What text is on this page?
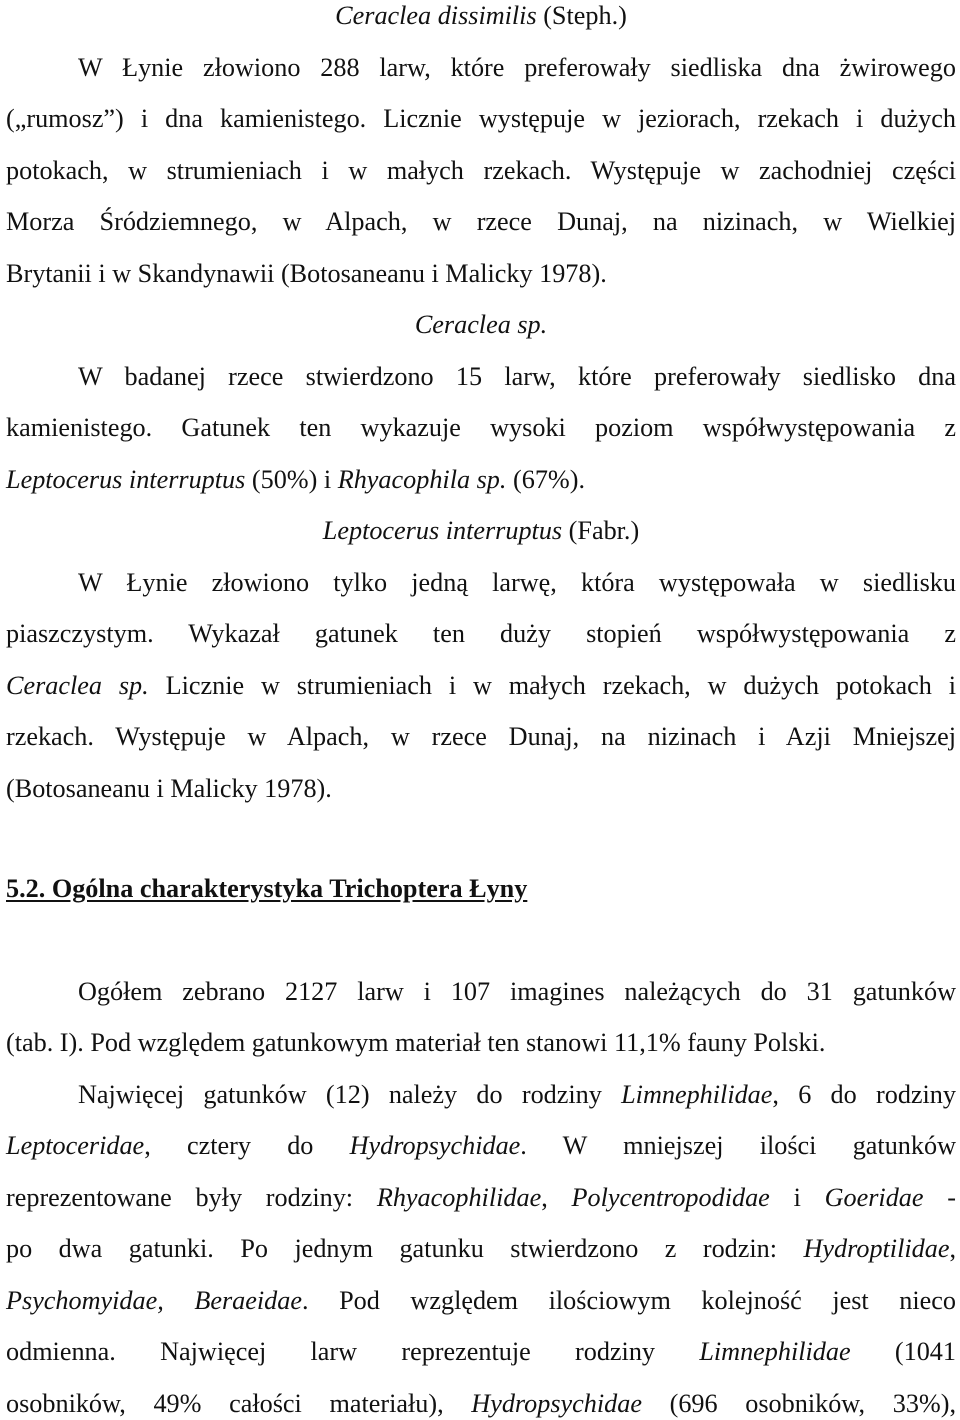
Ceraclea dissimilis (Steph.)
W Łynie złowiono 288 larw, które preferowały siedliska dna żwirowego
(„rumosz”) i dna kamienistego. Licznie występuje w jeziorach, rzekach i dużych
potokach, w strumieniach i w małych rzekach. Występuje w zachodniej części
Morza Śródziemnego, w Alpach, w rzece Dunaj, na nizinach, w Wielkiej
Brytanii i w Skandynawii (Botosaneanu i Malicky 1978).
Ceraclea sp.
W badanej rzece stwierdzono 15 larw, które preferowały siedlisko dna
kamienistego. Gatunek ten wykazuje wysoki poziom współwystępowania z
Leptocerus interruptus (50%) i Rhyacophila sp. (67%).
Leptocerus interruptus (Fabr.)
W Łynie złowiono tylko jedną larwę, która występowała w siedlisku
piaszczystym. Wykazał gatunek ten duży stopień współwystępowania z
Ceraclea sp. Licznie w strumieniach i w małych rzekach, w dużych potokach i
rzekach. Występuje w Alpach, w rzece Dunaj, na nizinach i Azji Mniejszej
(Botosaneanu i Malicky 1978).
5.2. Ogólna charakterystyka Trichoptera Łyny
Ogółem zebrano 2127 larw i 107 imagines należących do 31 gatunków
(tab. I). Pod względem gatunkowym materiał ten stanowi 11,1% fauny Polski.
Najwięcej gatunków (12) należy do rodziny Limnephilidae, 6 do rodziny
Leptoceridae, cztery do Hydropsychidae. W mniejszej ilości gatunków
reprezentowane były rodziny: Rhyacophilidae, Polycentropodidae i Goeridae -
po dwa gatunki. Po jednym gatunku stwierdzono z rodzin: Hydroptilidae,
Psychomyidae, Beraeidae. Pod względem ilościowym kolejność jest nieco
odmienna. Najwięcej larw reprezentuje rodziny Limnephilidae (1041
osobników, 49% całości materiału), Hydropsychidae (696 osobników, 33%),
